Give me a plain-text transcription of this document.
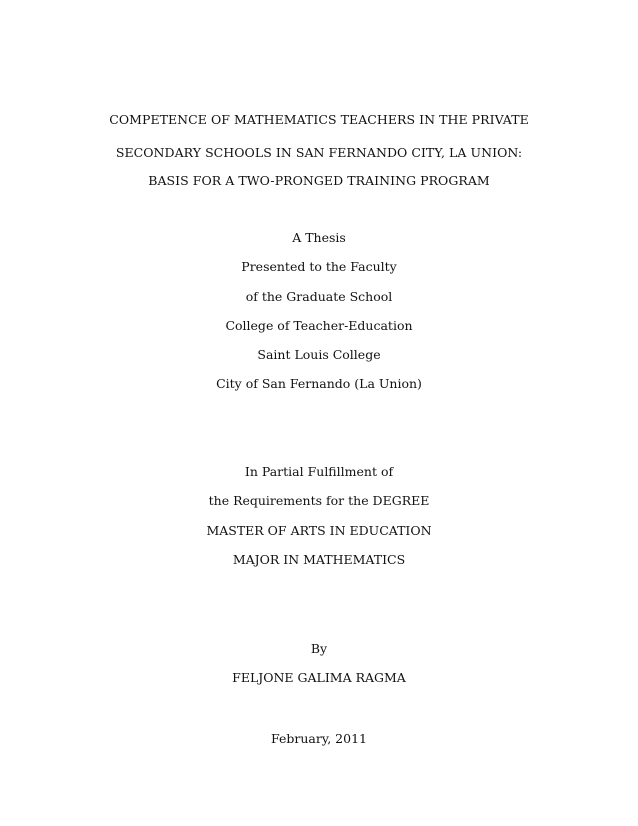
COMPETENCE OF MATHEMATICS TEACHERS IN THE PRIVATE
SECONDARY SCHOOLS IN SAN FERNANDO CITY, LA UNION:
BASIS FOR A TWO-PRONGED TRAINING PROGRAM
A Thesis
Presented to the Faculty
of the Graduate School
College of Teacher-Education
Saint Louis College
City of San Fernando (La Union)
In Partial Fulfillment of
the Requirements for the DEGREE
MASTER OF ARTS IN EDUCATION
MAJOR IN MATHEMATICS
By
FELJONE GALIMA RAGMA
February, 2011
